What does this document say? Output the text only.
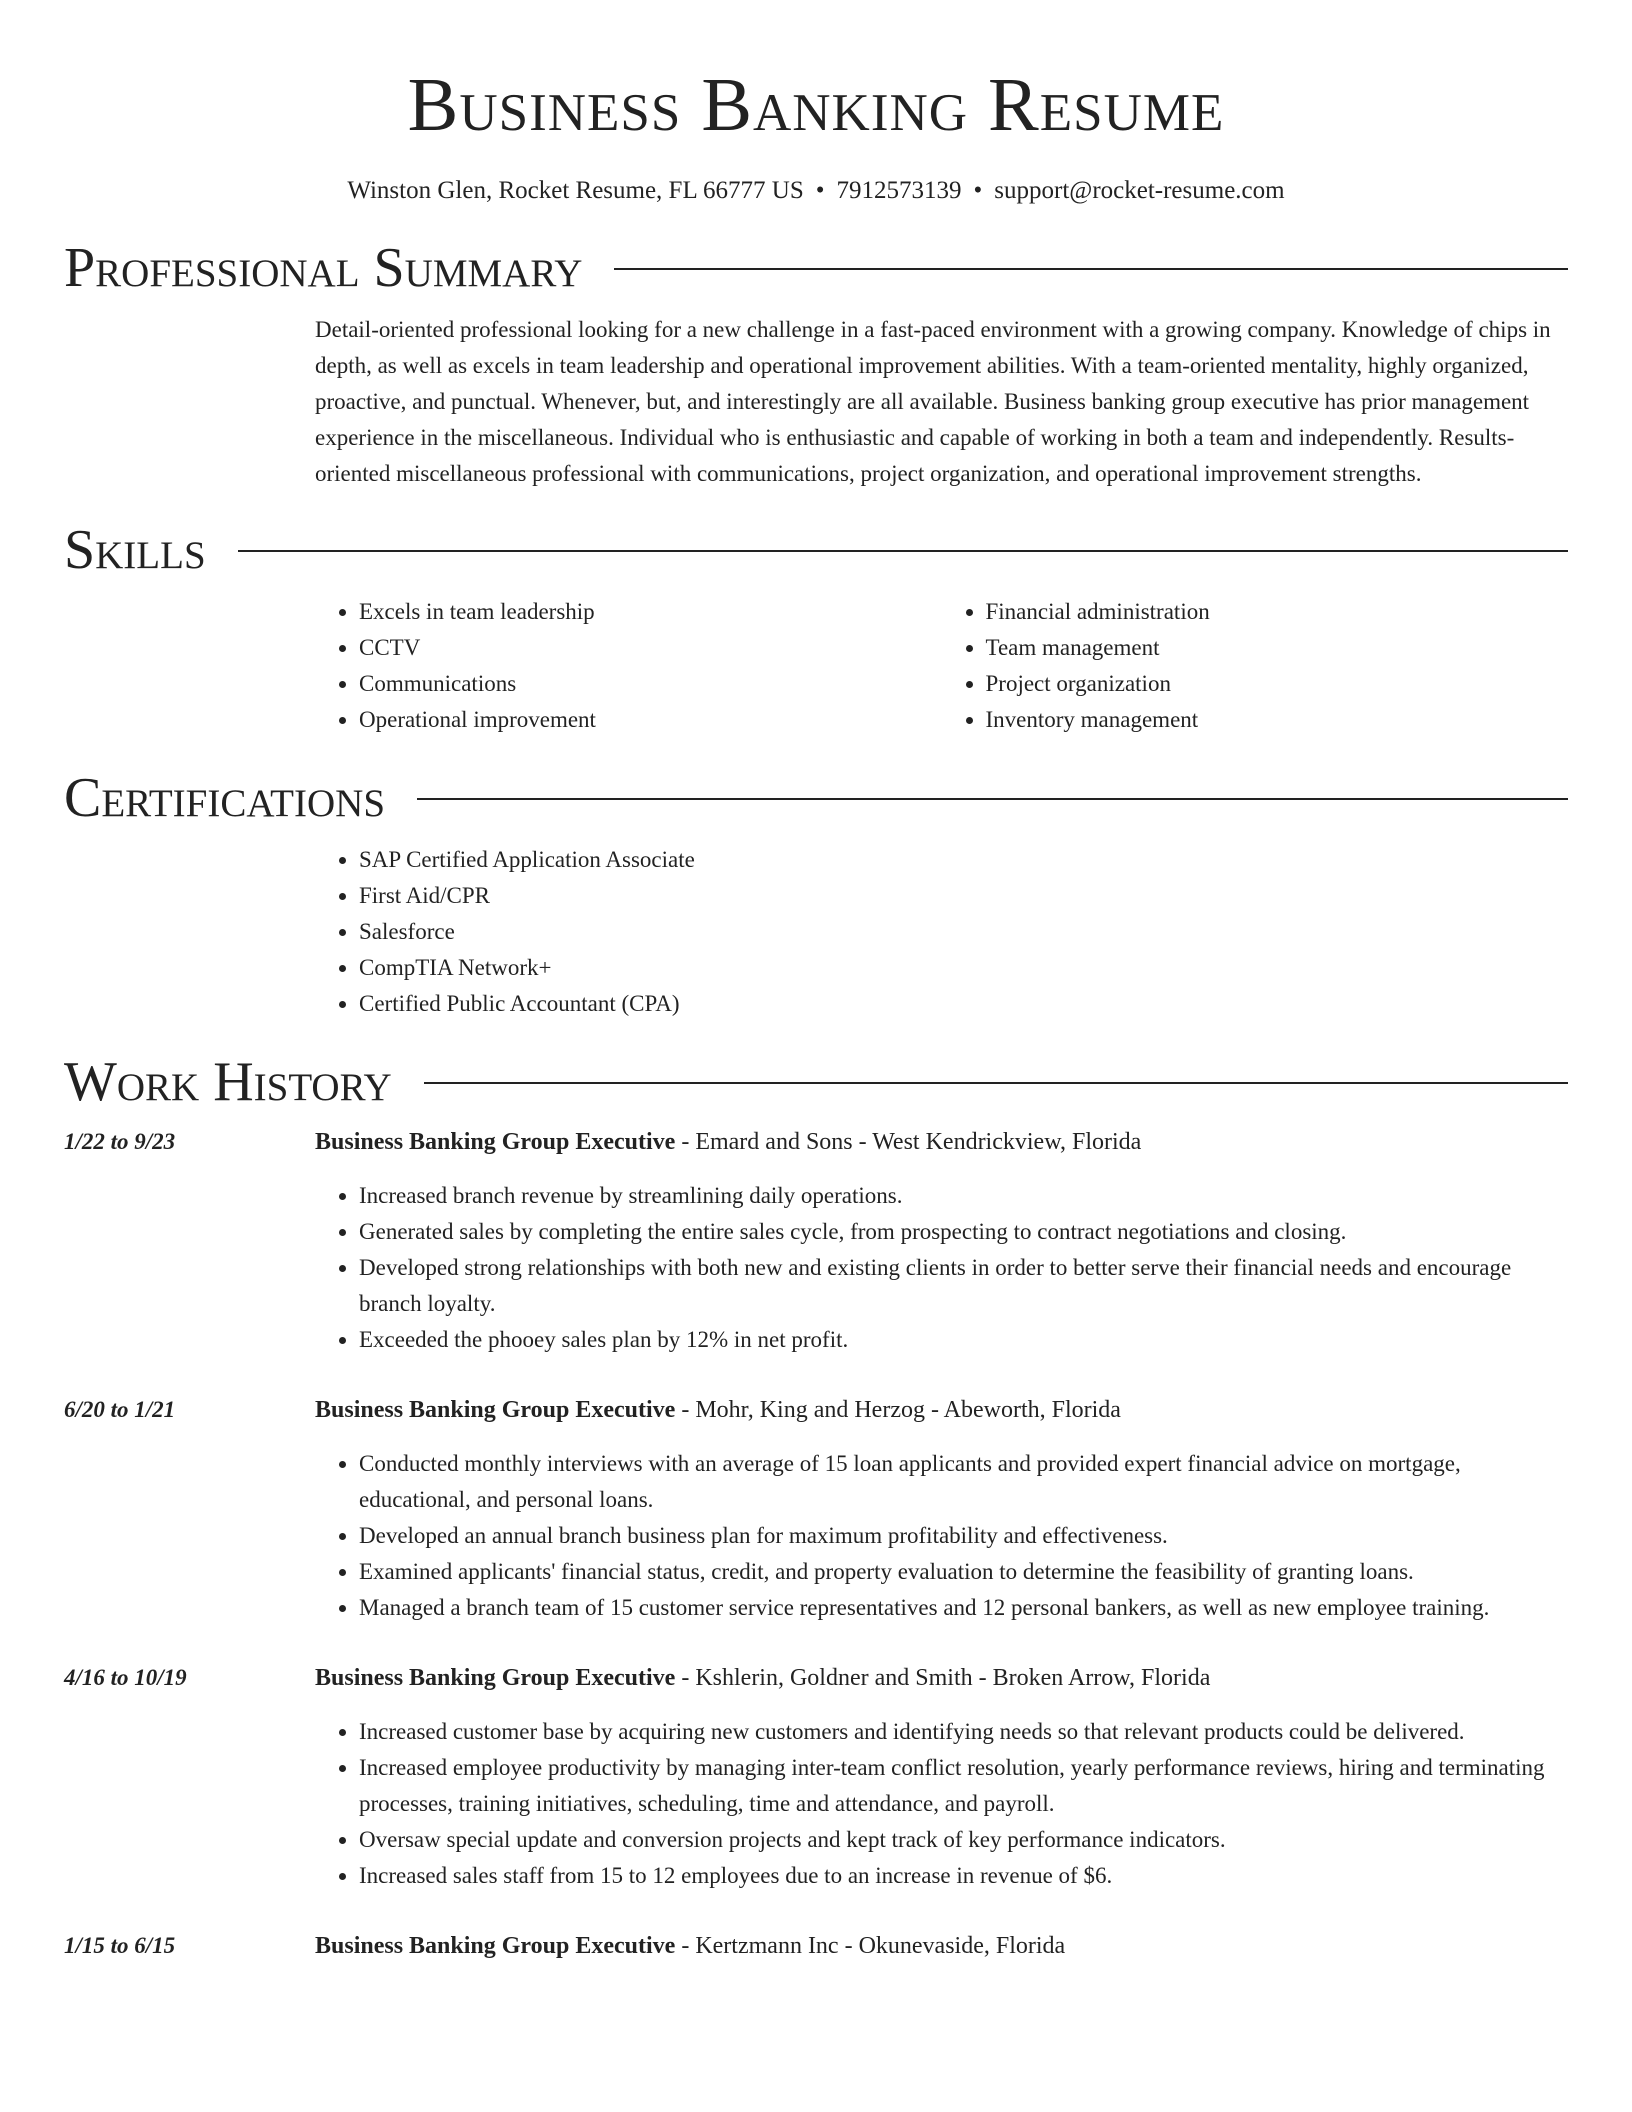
Business Banking Resume
Winston Glen, Rocket Resume, FL 66777 US • 7912573139 • support@rocket-resume.com
Professional Summary

Detail-oriented professional looking for a new challenge in a fast-paced environment with a growing company. Knowledge of chips in depth, as well as excels in team leadership and operational improvement abilities. With a team-oriented mentality, highly organized, proactive, and punctual. Whenever, but, and interestingly are all available. Business banking group executive has prior management experience in the miscellaneous. Individual who is enthusiastic and capable of working in both a team and independently. Results-oriented miscellaneous professional with communications, project organization, and operational improvement strengths.

Skills
• Excels in team leadership
• CCTV
• Communications
• Operational improvement
• Financial administration
• Team management
• Project organization
• Inventory management
Certifications
• SAP Certified Application Associate
• First Aid/CPR
• Salesforce
• CompTIA Network+
• Certified Public Accountant (CPA)
Work History
1/22 to 9/23	Business Banking Group Executive - Emard and Sons - West Kendrickview, Florida
• Increased branch revenue by streamlining daily operations.
• Generated sales by completing the entire sales cycle, from prospecting to contract negotiations and closing.
• Developed strong relationships with both new and existing clients in order to better serve their financial needs and encourage branch loyalty.
• Exceeded the phooey sales plan by 12% in net profit.
6/20 to 1/21	Business Banking Group Executive - Mohr, King and Herzog - Abeworth, Florida
• Conducted monthly interviews with an average of 15 loan applicants and provided expert financial advice on mortgage, educational, and personal loans.
• Developed an annual branch business plan for maximum profitability and effectiveness.
• Examined applicants' financial status, credit, and property evaluation to determine the feasibility of granting loans.
• Managed a branch team of 15 customer service representatives and 12 personal bankers, as well as new employee training.
4/16 to 10/19	Business Banking Group Executive - Kshlerin, Goldner and Smith - Broken Arrow, Florida
• Increased customer base by acquiring new customers and identifying needs so that relevant products could be delivered.
• Increased employee productivity by managing inter-team conflict resolution, yearly performance reviews, hiring and terminating processes, training initiatives, scheduling, time and attendance, and payroll.
• Oversaw special update and conversion projects and kept track of key performance indicators.
• Increased sales staff from 15 to 12 employees due to an increase in revenue of $6.
1/15 to 6/15	Business Banking Group Executive - Kertzmann Inc - Okunevaside, Florida
